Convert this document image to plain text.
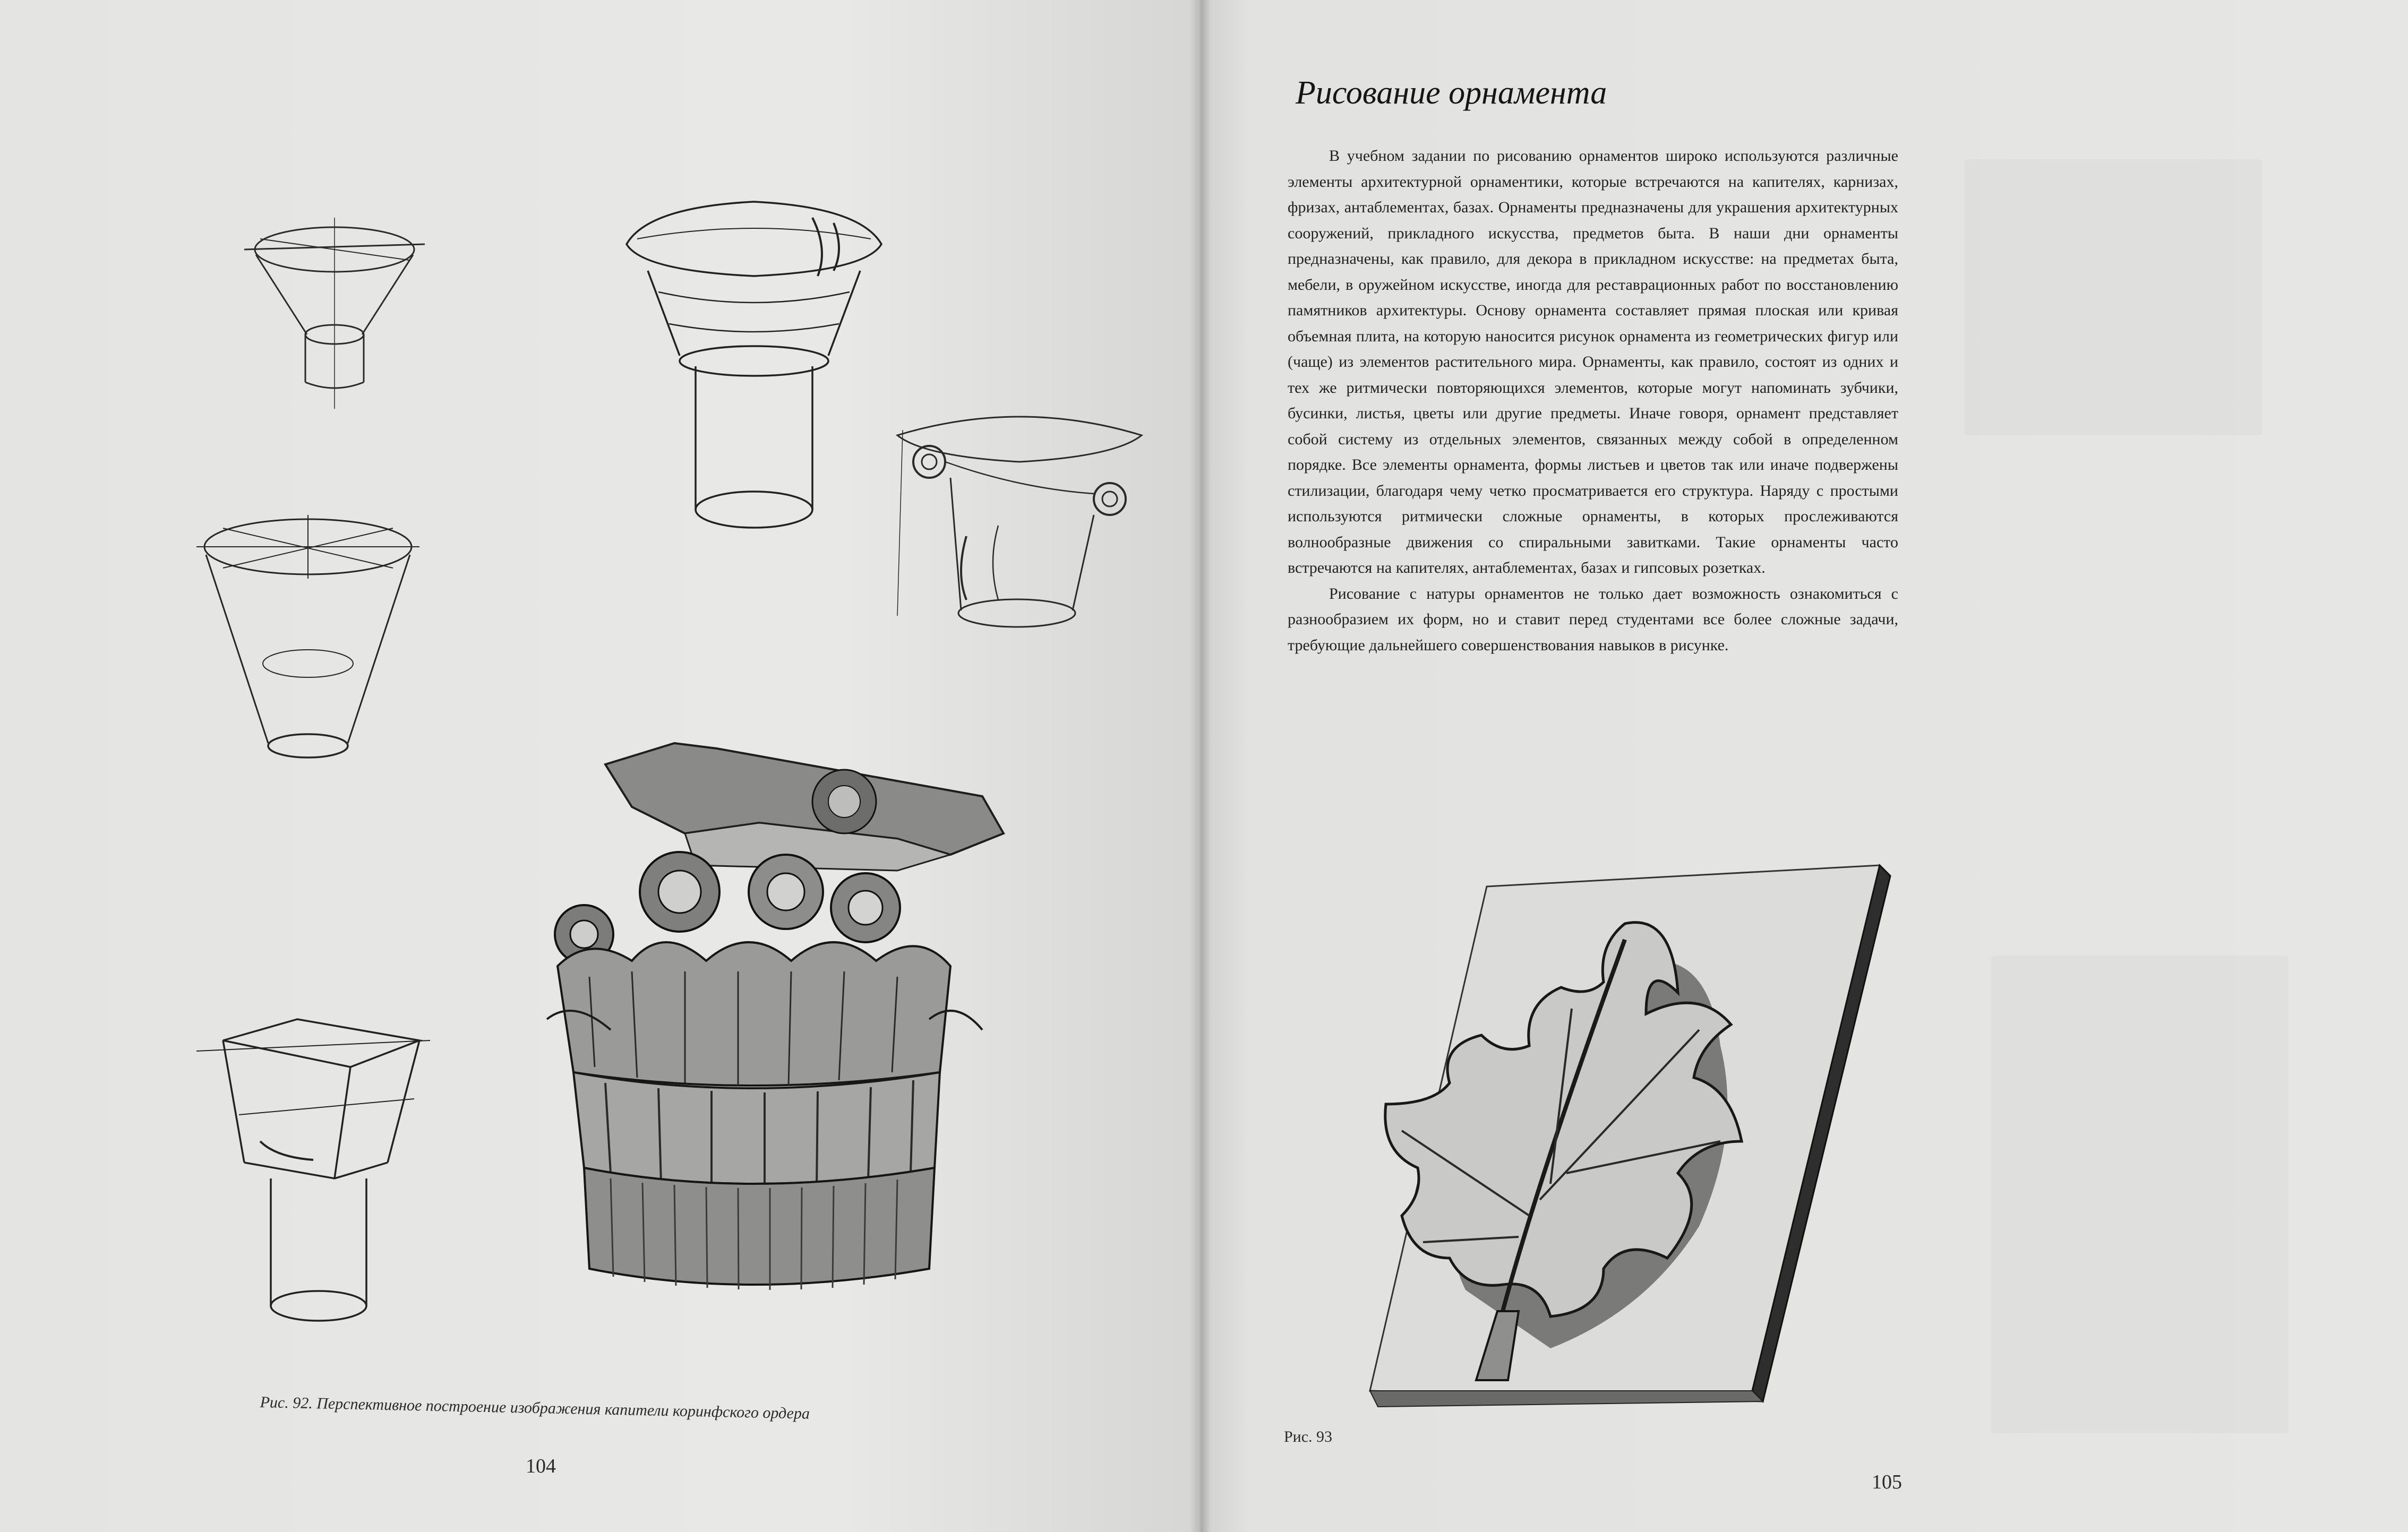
Рис. 92. Перспективное построение изображения капители коринфского ордера
104
Рисование орнамента

В учебном задании по рисованию орнаментов широко используются различные элементы архитектурной орнаментики, которые встречаются на капителях, карнизах, фризах, антаблементах, базах. Орнаменты предназначены для украшения архитектурных сооружений, прикладного искусства, предметов быта. В наши дни орнаменты предназначены, как правило, для декора в прикладном искусстве: на предметах быта, мебели, в оружейном искусстве, иногда для реставрационных работ по восстановлению памятников архитектуры. Основу орнамента составляет прямая плоская или кривая объемная плита, на которую наносится рисунок орнамента из геометрических фигур или (чаще) из элементов растительного мира. Орнаменты, как правило, состоят из одних и тех же ритмически повторяющихся элементов, которые могут напоминать зубчики, бусинки, листья, цветы или другие предметы. Иначе говоря, орнамент представляет собой систему из отдельных элементов, связанных между собой в определенном порядке. Все элементы орнамента, формы листьев и цветов так или иначе подвержены стилизации, благодаря чему четко просматривается его структура. Наряду с простыми используются ритмически сложные орнаменты, в которых прослеживаются волнообразные движения со спиральными завитками. Такие орнаменты часто встречаются на капителях, антаблементах, базах и гипсовых розетках.

Рисование с натуры орнаментов не только дает возможность ознакомиться с разнообразием их форм, но и ставит перед студентами все более сложные задачи, требующие дальнейшего совершенствования навыков в рисунке.

Рис. 93
105
